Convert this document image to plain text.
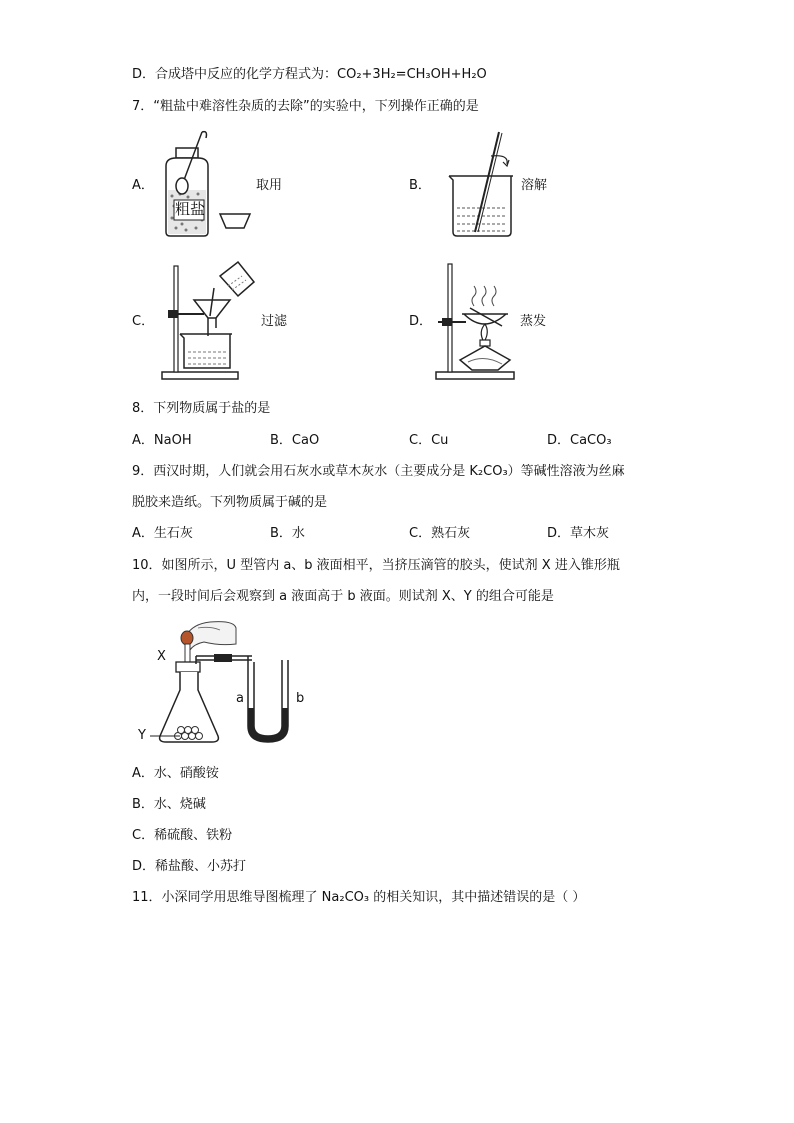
D．合成塔中反应的化学方程式为：CO₂+3H₂=CH₃OH+H₂O
7．“粗盐中难溶性杂质的去除”的实验中，下列操作正确的是
A．
粗盐
取用	B．	溶解
C．	过滤	D．	蒸发
8．下列物质属于盐的是
A．NaOH	B．CaO	C．Cu	D．CaCO₃
9．西汉时期，人们就会用石灰水或草木灰水（主要成分是 K₂CO₃）等碱性溶液为丝麻
脱胶来造纸。下列物质属于碱的是
A．生石灰	B．水	C．熟石灰	D．草木灰
10．如图所示，U 型管内 a、b 液面相平，当挤压滴管的胶头，使试剂 X 进入锥形瓶
内，一段时间后会观察到 a 液面高于 b 液面。则试剂 X、Y 的组合可能是
X
Y
a	b
A．水、硝酸铵
B．水、烧碱
C．稀硫酸、铁粉
D．稀盐酸、小苏打
11．小深同学用思维导图梳理了 Na₂CO₃ 的相关知识，其中描述错误的是（ ）
